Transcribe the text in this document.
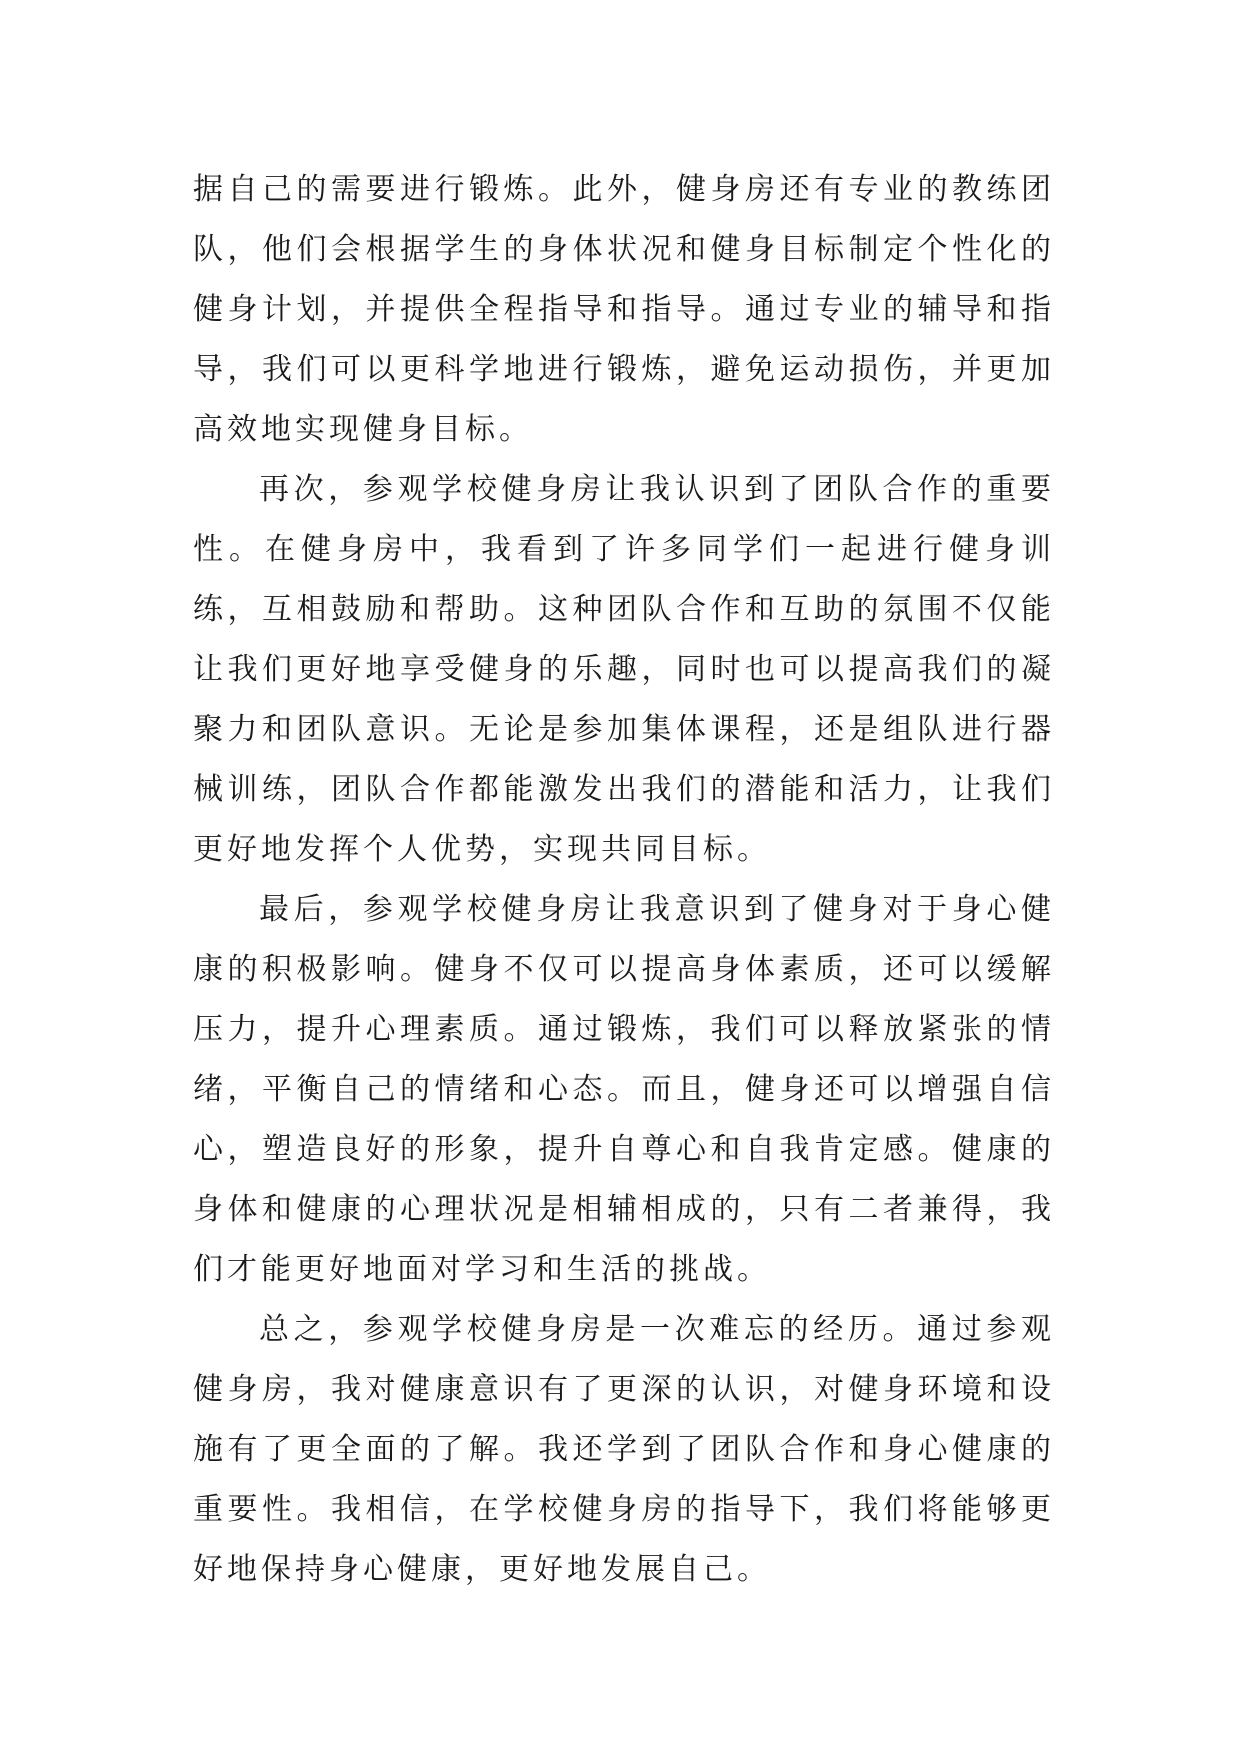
据自己的需要进行锻炼。此外，健身房还有专业的教练团队，他们会根据学生的身体状况和健身目标制定个性化的健身计划，并提供全程指导和指导。通过专业的辅导和指导，我们可以更科学地进行锻炼，避免运动损伤，并更加高效地实现健身目标。

再次，参观学校健身房让我认识到了团队合作的重要性。在健身房中，我看到了许多同学们一起进行健身训练，互相鼓励和帮助。这种团队合作和互助的氛围不仅能让我们更好地享受健身的乐趣，同时也可以提高我们的凝聚力和团队意识。无论是参加集体课程，还是组队进行器械训练，团队合作都能激发出我们的潜能和活力，让我们更好地发挥个人优势，实现共同目标。

最后，参观学校健身房让我意识到了健身对于身心健康的积极影响。健身不仅可以提高身体素质，还可以缓解压力，提升心理素质。通过锻炼，我们可以释放紧张的情绪，平衡自己的情绪和心态。而且，健身还可以增强自信心，塑造良好的形象，提升自尊心和自我肯定感。健康的身体和健康的心理状况是相辅相成的，只有二者兼得，我们才能更好地面对学习和生活的挑战。

总之，参观学校健身房是一次难忘的经历。通过参观健身房，我对健康意识有了更深的认识，对健身环境和设施有了更全面的了解。我还学到了团队合作和身心健康的重要性。我相信，在学校健身房的指导下，我们将能够更好地保持身心健康，更好地发展自己。
